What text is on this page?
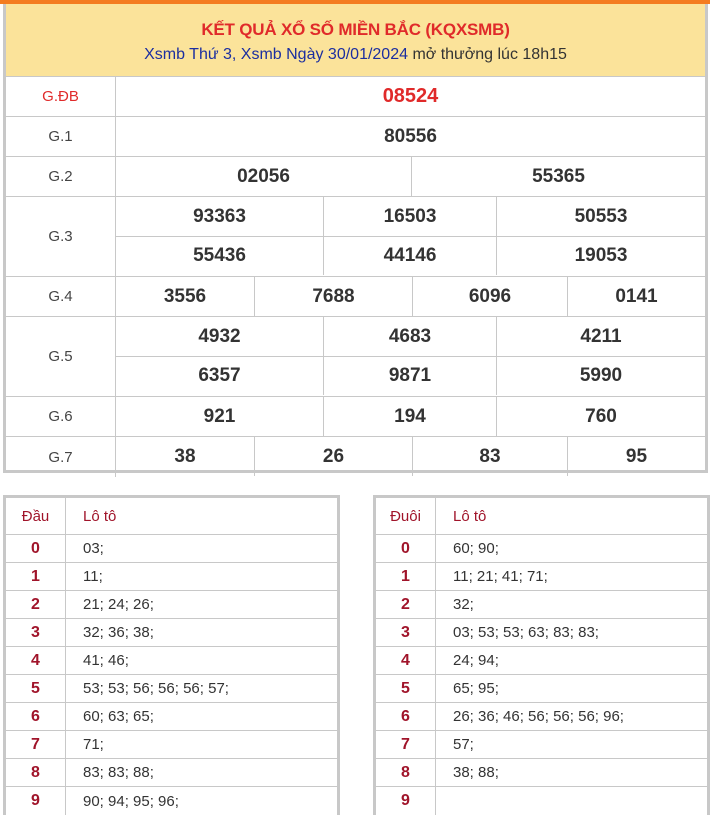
KẾT QUẢ XỔ SỐ MIỀN BẮC (KQXSMB)
Xsmb Thứ 3, Xsmb Ngày 30/01/2024 mở thưởng lúc 18h15
G.ĐB	08524
G.1	80556
G.2	02056	55365
G.3
93363	16503	50553
55436	44146	19053
G.4	3556	7688	6096	0141
G.5
4932	4683	4211
6357	9871	5990
G.6	921	194	760
G.7	38	26	83	95
Đầu	Lô tô
0	03;
1	11;
2	21; 24; 26;
3	32; 36; 38;
4	41; 46;
5	53; 53; 56; 56; 56; 57;
6	60; 63; 65;
7	71;
8	83; 83; 88;
9	90; 94; 95; 96;
Đuôi	Lô tô
0	60; 90;
1	11; 21; 41; 71;
2	32;
3	03; 53; 53; 63; 83; 83;
4	24; 94;
5	65; 95;
6	26; 36; 46; 56; 56; 56; 96;
7	57;
8	38; 88;
9
